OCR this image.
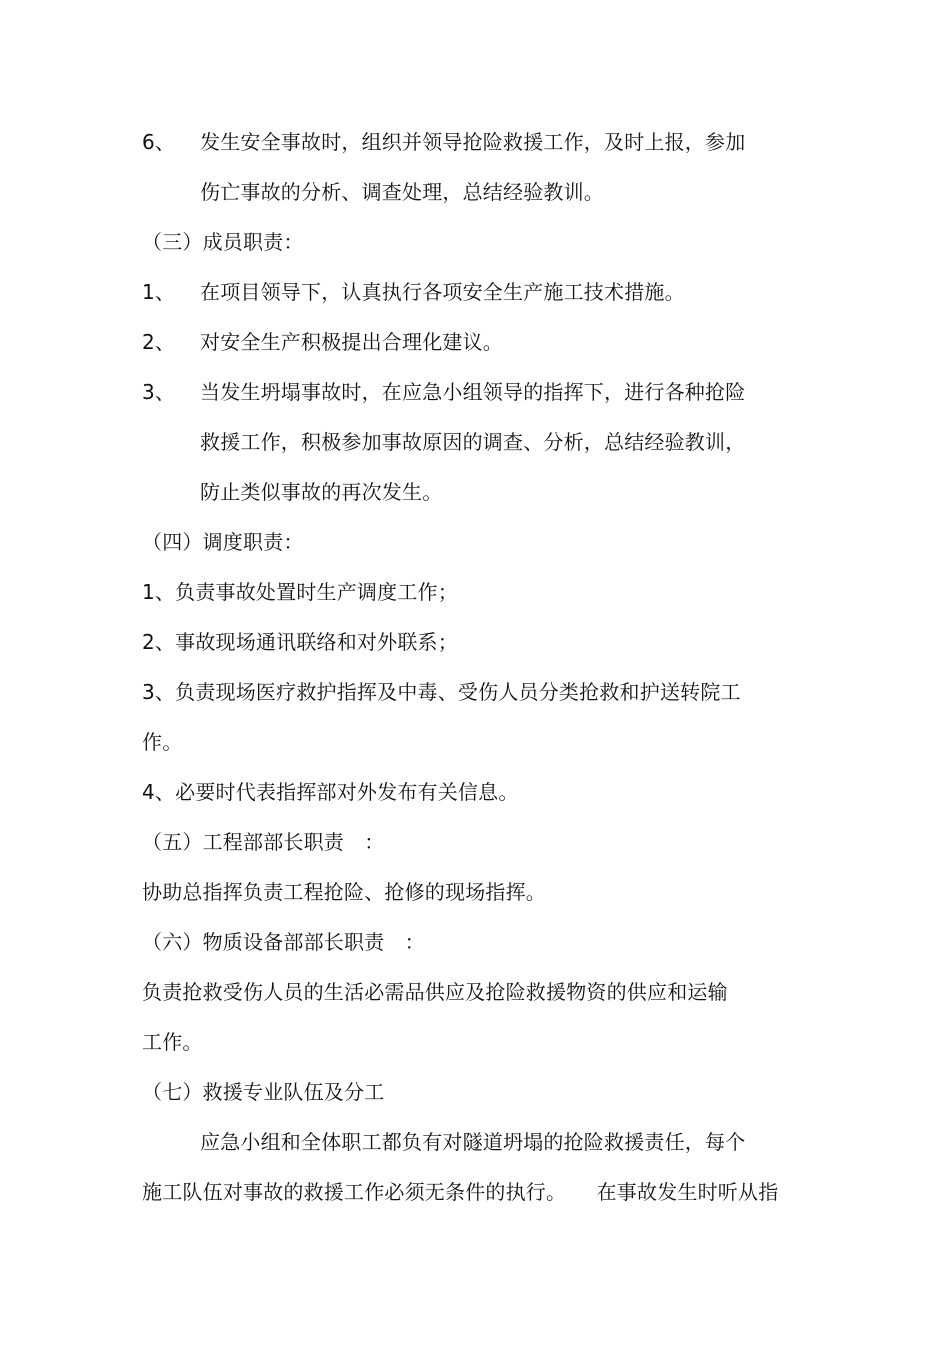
6、 发生安全事故时，组织并领导抢险救援工作，及时上报，参加
伤亡事故的分析、调查处理，总结经验教训。
（三）成员职责：
1、 在项目领导下，认真执行各项安全生产施工技术措施。
2、 对安全生产积极提出合理化建议。
3、 当发生坍塌事故时，在应急小组领导的指挥下，进行各种抢险
救援工作，积极参加事故原因的调查、分析，总结经验教训，
防止类似事故的再次发生。
（四）调度职责：
1、负责事故处置时生产调度工作；
2、事故现场通讯联络和对外联系；
3、负责现场医疗救护指挥及中毒、受伤人员分类抢救和护送转院工
作。
4、必要时代表指挥部对外发布有关信息。
（五）工程部部长职责　：
协助总指挥负责工程抢险、抢修的现场指挥。
（六）物质设备部部长职责　：
负责抢救受伤人员的生活必需品供应及抢险救援物资的供应和运输
工作。
（七）救援专业队伍及分工
应急小组和全体职工都负有对隧道坍塌的抢险救援责任，每个
施工队伍对事故的救援工作必须无条件的执行。　　在事故发生时听从指
